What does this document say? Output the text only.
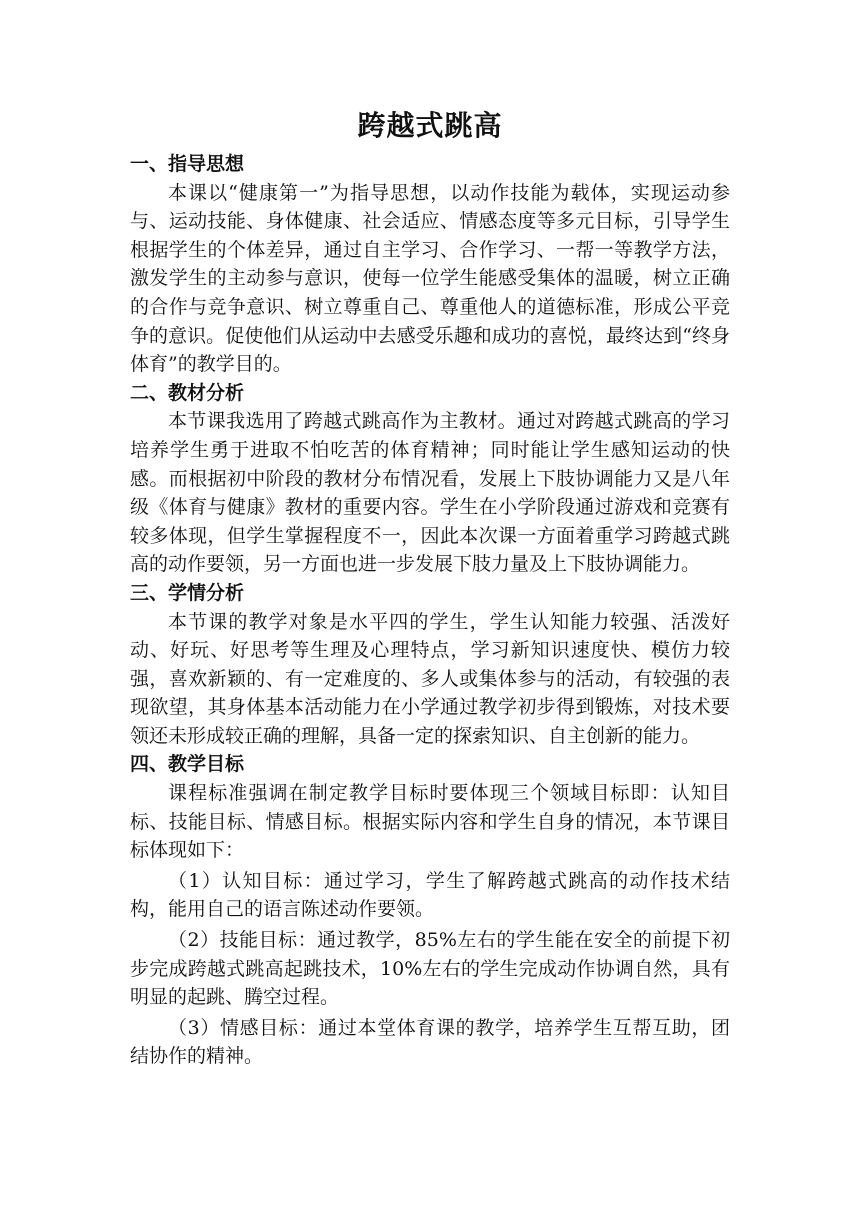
跨越式跳高
一、指导思想

本课以“健康第一”为指导思想，以动作技能为载体，实现运动参与、运动技能、身体健康、社会适应、情感态度等多元目标，引导学生根据学生的个体差异，通过自主学习、合作学习、一帮一等教学方法，激发学生的主动参与意识，使每一位学生能感受集体的温暖，树立正确的合作与竞争意识、树立尊重自己、尊重他人的道德标准，形成公平竞争的意识。促使他们从运动中去感受乐趣和成功的喜悦，最终达到“终身体育”的教学目的。

二、教材分析

本节课我选用了跨越式跳高作为主教材。通过对跨越式跳高的学习培养学生勇于进取不怕吃苦的体育精神；同时能让学生感知运动的快感。而根据初中阶段的教材分布情况看，发展上下肢协调能力又是八年级《体育与健康》教材的重要内容。学生在小学阶段通过游戏和竞赛有较多体现，但学生掌握程度不一，因此本次课一方面着重学习跨越式跳高的动作要领，另一方面也进一步发展下肢力量及上下肢协调能力。

三、学情分析

本节课的教学对象是水平四的学生，学生认知能力较强、活泼好动、好玩、好思考等生理及心理特点，学习新知识速度快、模仿力较强，喜欢新颖的、有一定难度的、多人或集体参与的活动，有较强的表现欲望，其身体基本活动能力在小学通过教学初步得到锻炼，对技术要领还未形成较正确的理解，具备一定的探索知识、自主创新的能力。

四、教学目标

课程标准强调在制定教学目标时要体现三个领域目标即：认知目标、技能目标、情感目标。根据实际内容和学生自身的情况，本节课目标体现如下：

（1）认知目标：通过学习，学生了解跨越式跳高的动作技术结构，能用自己的语言陈述动作要领。

（2）技能目标：通过教学，85%左右的学生能在安全的前提下初步完成跨越式跳高起跳技术，10%左右的学生完成动作协调自然，具有明显的起跳、腾空过程。

（3）情感目标：通过本堂体育课的教学，培养学生互帮互助，团结协作的精神。
